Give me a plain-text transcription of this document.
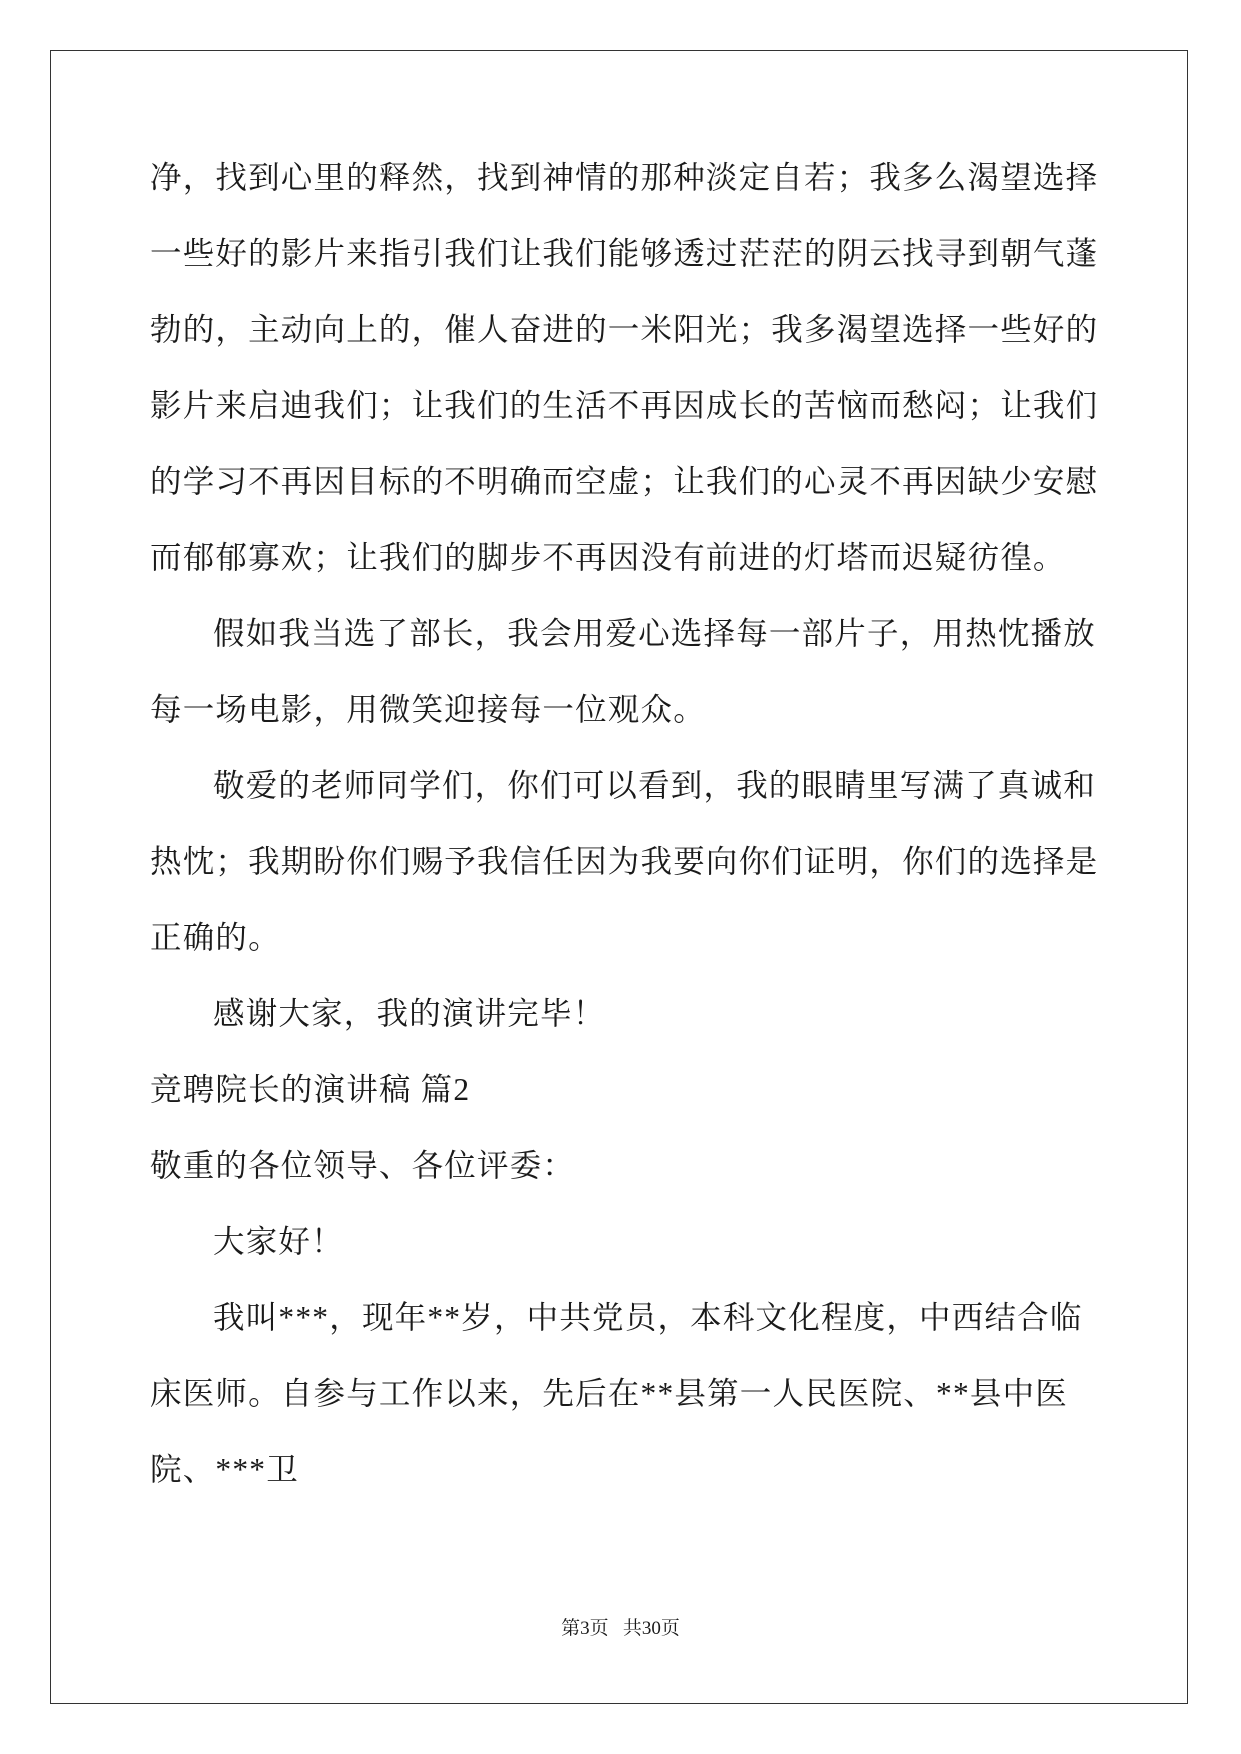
净，找到心里的释然，找到神情的那种淡定自若；我多么渴望选择一些好的影片来指引我们让我们能够透过茫茫的阴云找寻到朝气蓬勃的，主动向上的，催人奋进的一米阳光；我多渴望选择一些好的影片来启迪我们；让我们的生活不再因成长的苦恼而愁闷；让我们的学习不再因目标的不明确而空虚；让我们的心灵不再因缺少安慰而郁郁寡欢；让我们的脚步不再因没有前进的灯塔而迟疑彷徨。

假如我当选了部长，我会用爱心选择每一部片子，用热忱播放每一场电影，用微笑迎接每一位观众。

敬爱的老师同学们，你们可以看到，我的眼睛里写满了真诚和热忱；我期盼你们赐予我信任因为我要向你们证明，你们的选择是正确的。

感谢大家，我的演讲完毕！

竞聘院长的演讲稿 篇2

敬重的各位领导、各位评委：

大家好！

我叫***，现年**岁，中共党员，本科文化程度，中西结合临床医师。自参与工作以来，先后在**县第一人民医院、**县中医院、***卫

第3页 共30页
